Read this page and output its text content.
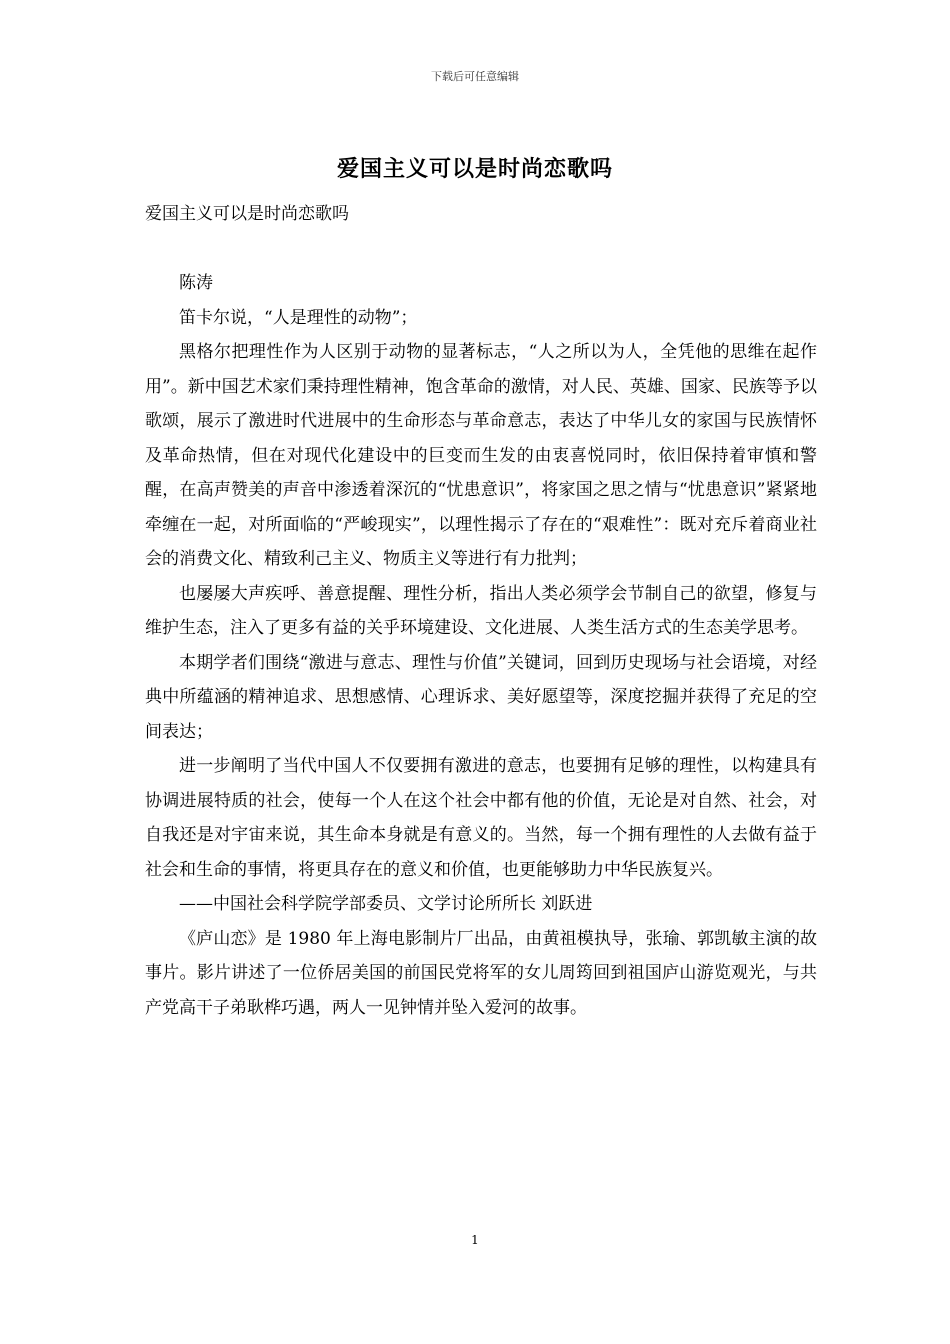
下载后可任意编辑
爱国主义可以是时尚恋歌吗

爱国主义可以是时尚恋歌吗

陈涛

笛卡尔说，“人是理性的动物”；

黑格尔把理性作为人区别于动物的显著标志，“人之所以为人，全凭他的思维在起作用”。新中国艺术家们秉持理性精神，饱含革命的激情，对人民、英雄、国家、民族等予以歌颂，展示了激进时代进展中的生命形态与革命意志，表达了中华儿女的家国与民族情怀及革命热情，但在对现代化建设中的巨变而生发的由衷喜悦同时，依旧保持着审慎和警醒，在高声赞美的声音中渗透着深沉的“忧患意识”，将家国之思之情与“忧患意识”紧紧地牵缠在一起，对所面临的“严峻现实”，以理性揭示了存在的“艰难性”：既对充斥着商业社会的消费文化、精致利己主义、物质主义等进行有力批判；

也屡屡大声疾呼、善意提醒、理性分析，指出人类必须学会节制自己的欲望，修复与维护生态，注入了更多有益的关乎环境建设、文化进展、人类生活方式的生态美学思考。

本期学者们围绕“激进与意志、理性与价值”关键词，回到历史现场与社会语境，对经典中所蕴涵的精神追求、思想感情、心理诉求、美好愿望等，深度挖掘并获得了充足的空间表达；

进一步阐明了当代中国人不仅要拥有激进的意志，也要拥有足够的理性，以构建具有协调进展特质的社会，使每一个人在这个社会中都有他的价值，无论是对自然、社会，对自我还是对宇宙来说，其生命本身就是有意义的。当然，每一个拥有理性的人去做有益于社会和生命的事情，将更具存在的意义和价值，也更能够助力中华民族复兴。

——中国社会科学院学部委员、文学讨论所所长 刘跃进

《庐山恋》是 1980 年上海电影制片厂出品，由黄祖模执导，张瑜、郭凯敏主演的故事片。影片讲述了一位侨居美国的前国民党将军的女儿周筠回到祖国庐山游览观光，与共产党高干子弟耿桦巧遇，两人一见钟情并坠入爱河的故事。

1
